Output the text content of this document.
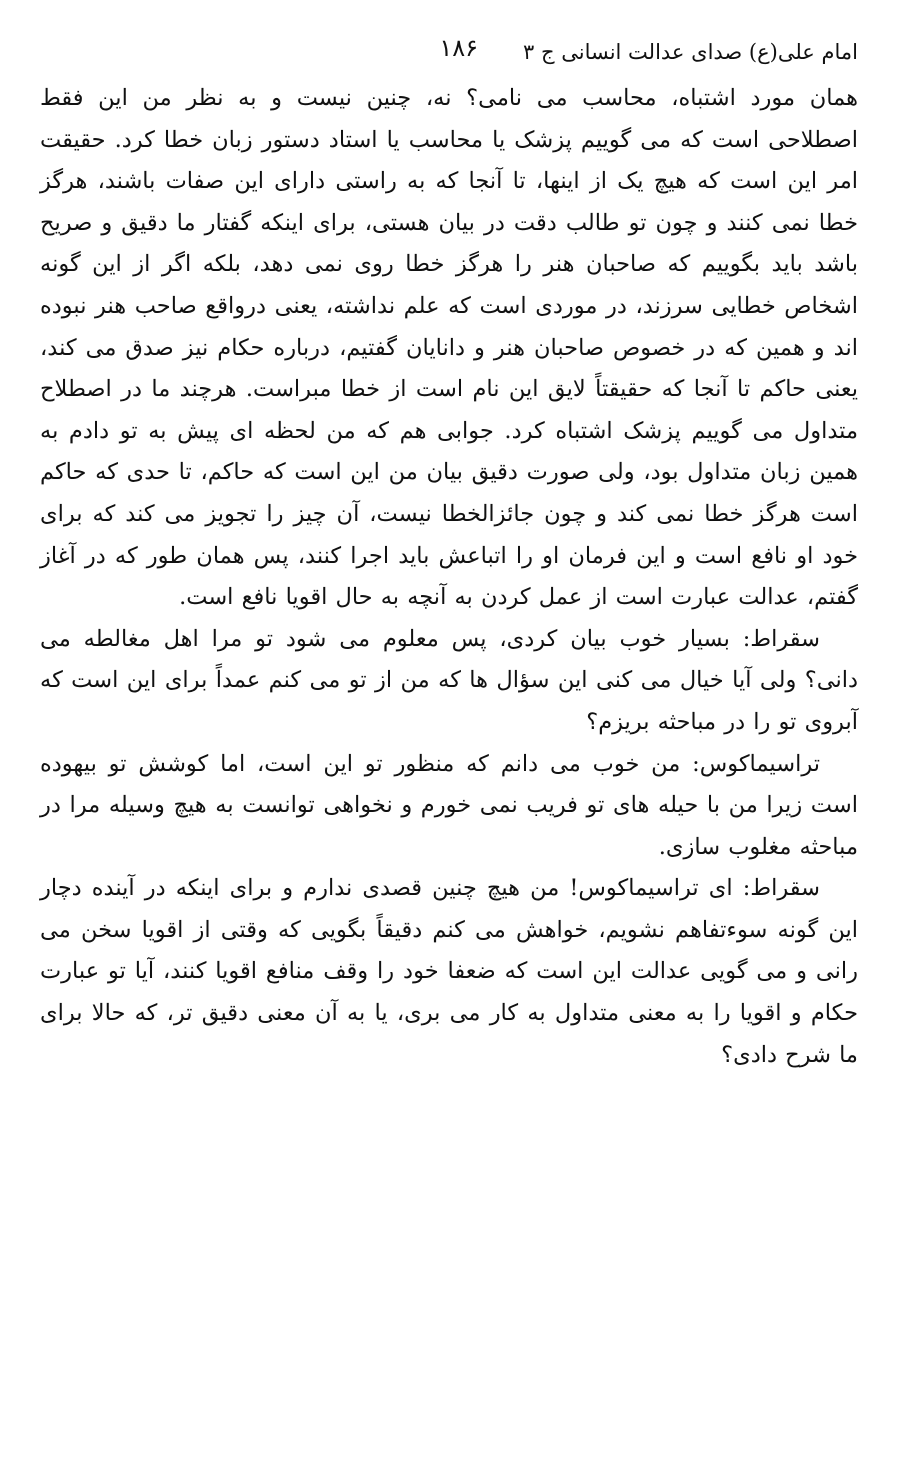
امام علی(ع) صدای عدالت انسانی ج ۳
۱۸۶

همان مورد اشتباه، محاسب می نامی؟ نه، چنین نیست و به نظر من این فقط اصطلاحی است که می گوییم پزشک یا محاسب یا استاد دستور زبان خطا کرد. حقیقت امر این است که هیچ یک از اینها، تا آنجا که به راستی دارای این صفات باشند، هرگز خطا نمی کنند و چون تو طالب دقت در بیان هستی، برای اینکه گفتار ما دقیق و صریح باشد باید بگوییم که صاحبان هنر را هرگز خطا روی نمی دهد، بلکه اگر از این گونه اشخاص خطایی سرزند، در موردی است که علم نداشته، یعنی درواقع صاحب هنر نبوده اند و همین که در خصوص صاحبان هنر و دانایان گفتیم، درباره حکام نیز صدق می کند، یعنی حاکم تا آنجا که حقیقتاً لایق این نام است از خطا مبراست. هرچند ما در اصطلاح متداول می گوییم پزشک اشتباه کرد. جوابی هم که من لحظه ای پیش به تو دادم به همین زبان متداول بود، ولی صورت دقیق بیان من این است که حاکم، تا حدی که حاکم است هرگز خطا نمی کند و چون جائزالخطا نیست، آن چیز را تجویز می کند که برای خود او نافع است و این فرمان او را اتباعش باید اجرا کنند، پس همان طور که در آغاز گفتم، عدالت عبارت است از عمل کردن به آنچه به حال اقویا نافع است.

سقراط: بسیار خوب بیان کردی، پس معلوم می شود تو مرا اهل مغالطه می دانی؟ ولی آیا خیال می کنی این سؤال ها که من از تو می کنم عمداً برای این است که آبروی تو را در مباحثه بریزم؟

تراسیماکوس: من خوب می دانم که منظور تو این است، اما کوشش تو بیهوده است زیرا من با حیله های تو فریب نمی خورم و نخواهی توانست به هیچ وسیله مرا در مباحثه مغلوب سازی.

سقراط: ای تراسیماکوس! من هیچ چنین قصدی ندارم و برای اینکه در آینده دچار این گونه سوءتفاهم نشویم، خواهش می کنم دقیقاً بگویی که وقتی از اقویا سخن می رانی و می گویی عدالت این است که ضعفا خود را وقف منافع اقویا کنند، آیا تو عبارت حکام و اقویا را به معنی متداول به کار می بری، یا به آن معنی دقیق تر، که حالا برای ما شرح دادی؟
